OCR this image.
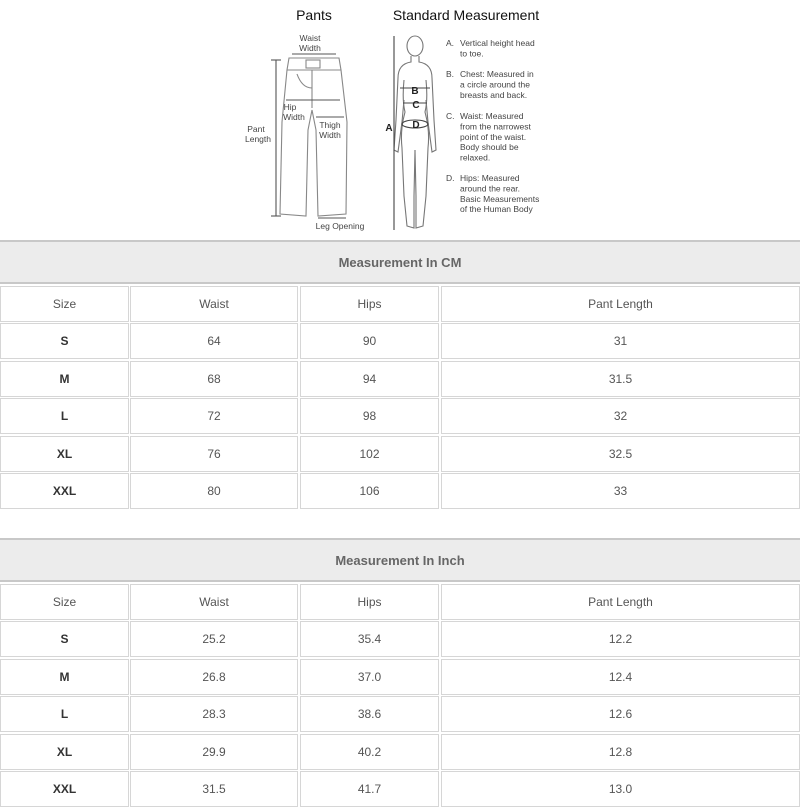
Pants	Standard Measurement
Waist
Width
Hip
Width
Thigh
Width
Pant
Length
Leg Opening
A
B
C
D
A. Vertical height head
to toe.
B. Chest: Measured in
a circle around the
breasts and back.
C. Waist: Measured
from the narrowest
point of the waist.
Body should be
relaxed.
D. Hips: Measured
around the rear.
Basic Measurements
of the Human Body
Measurement In CM
Size	Waist	Hips	Pant Length
S	64	90	31
M	68	94	31.5
L	72	98	32
XL	76	102	32.5
XXL	80	106	33
Measurement In Inch
Size	Waist	Hips	Pant Length
S	25.2	35.4	12.2
M	26.8	37.0	12.4
L	28.3	38.6	12.6
XL	29.9	40.2	12.8
XXL	31.5	41.7	13.0
